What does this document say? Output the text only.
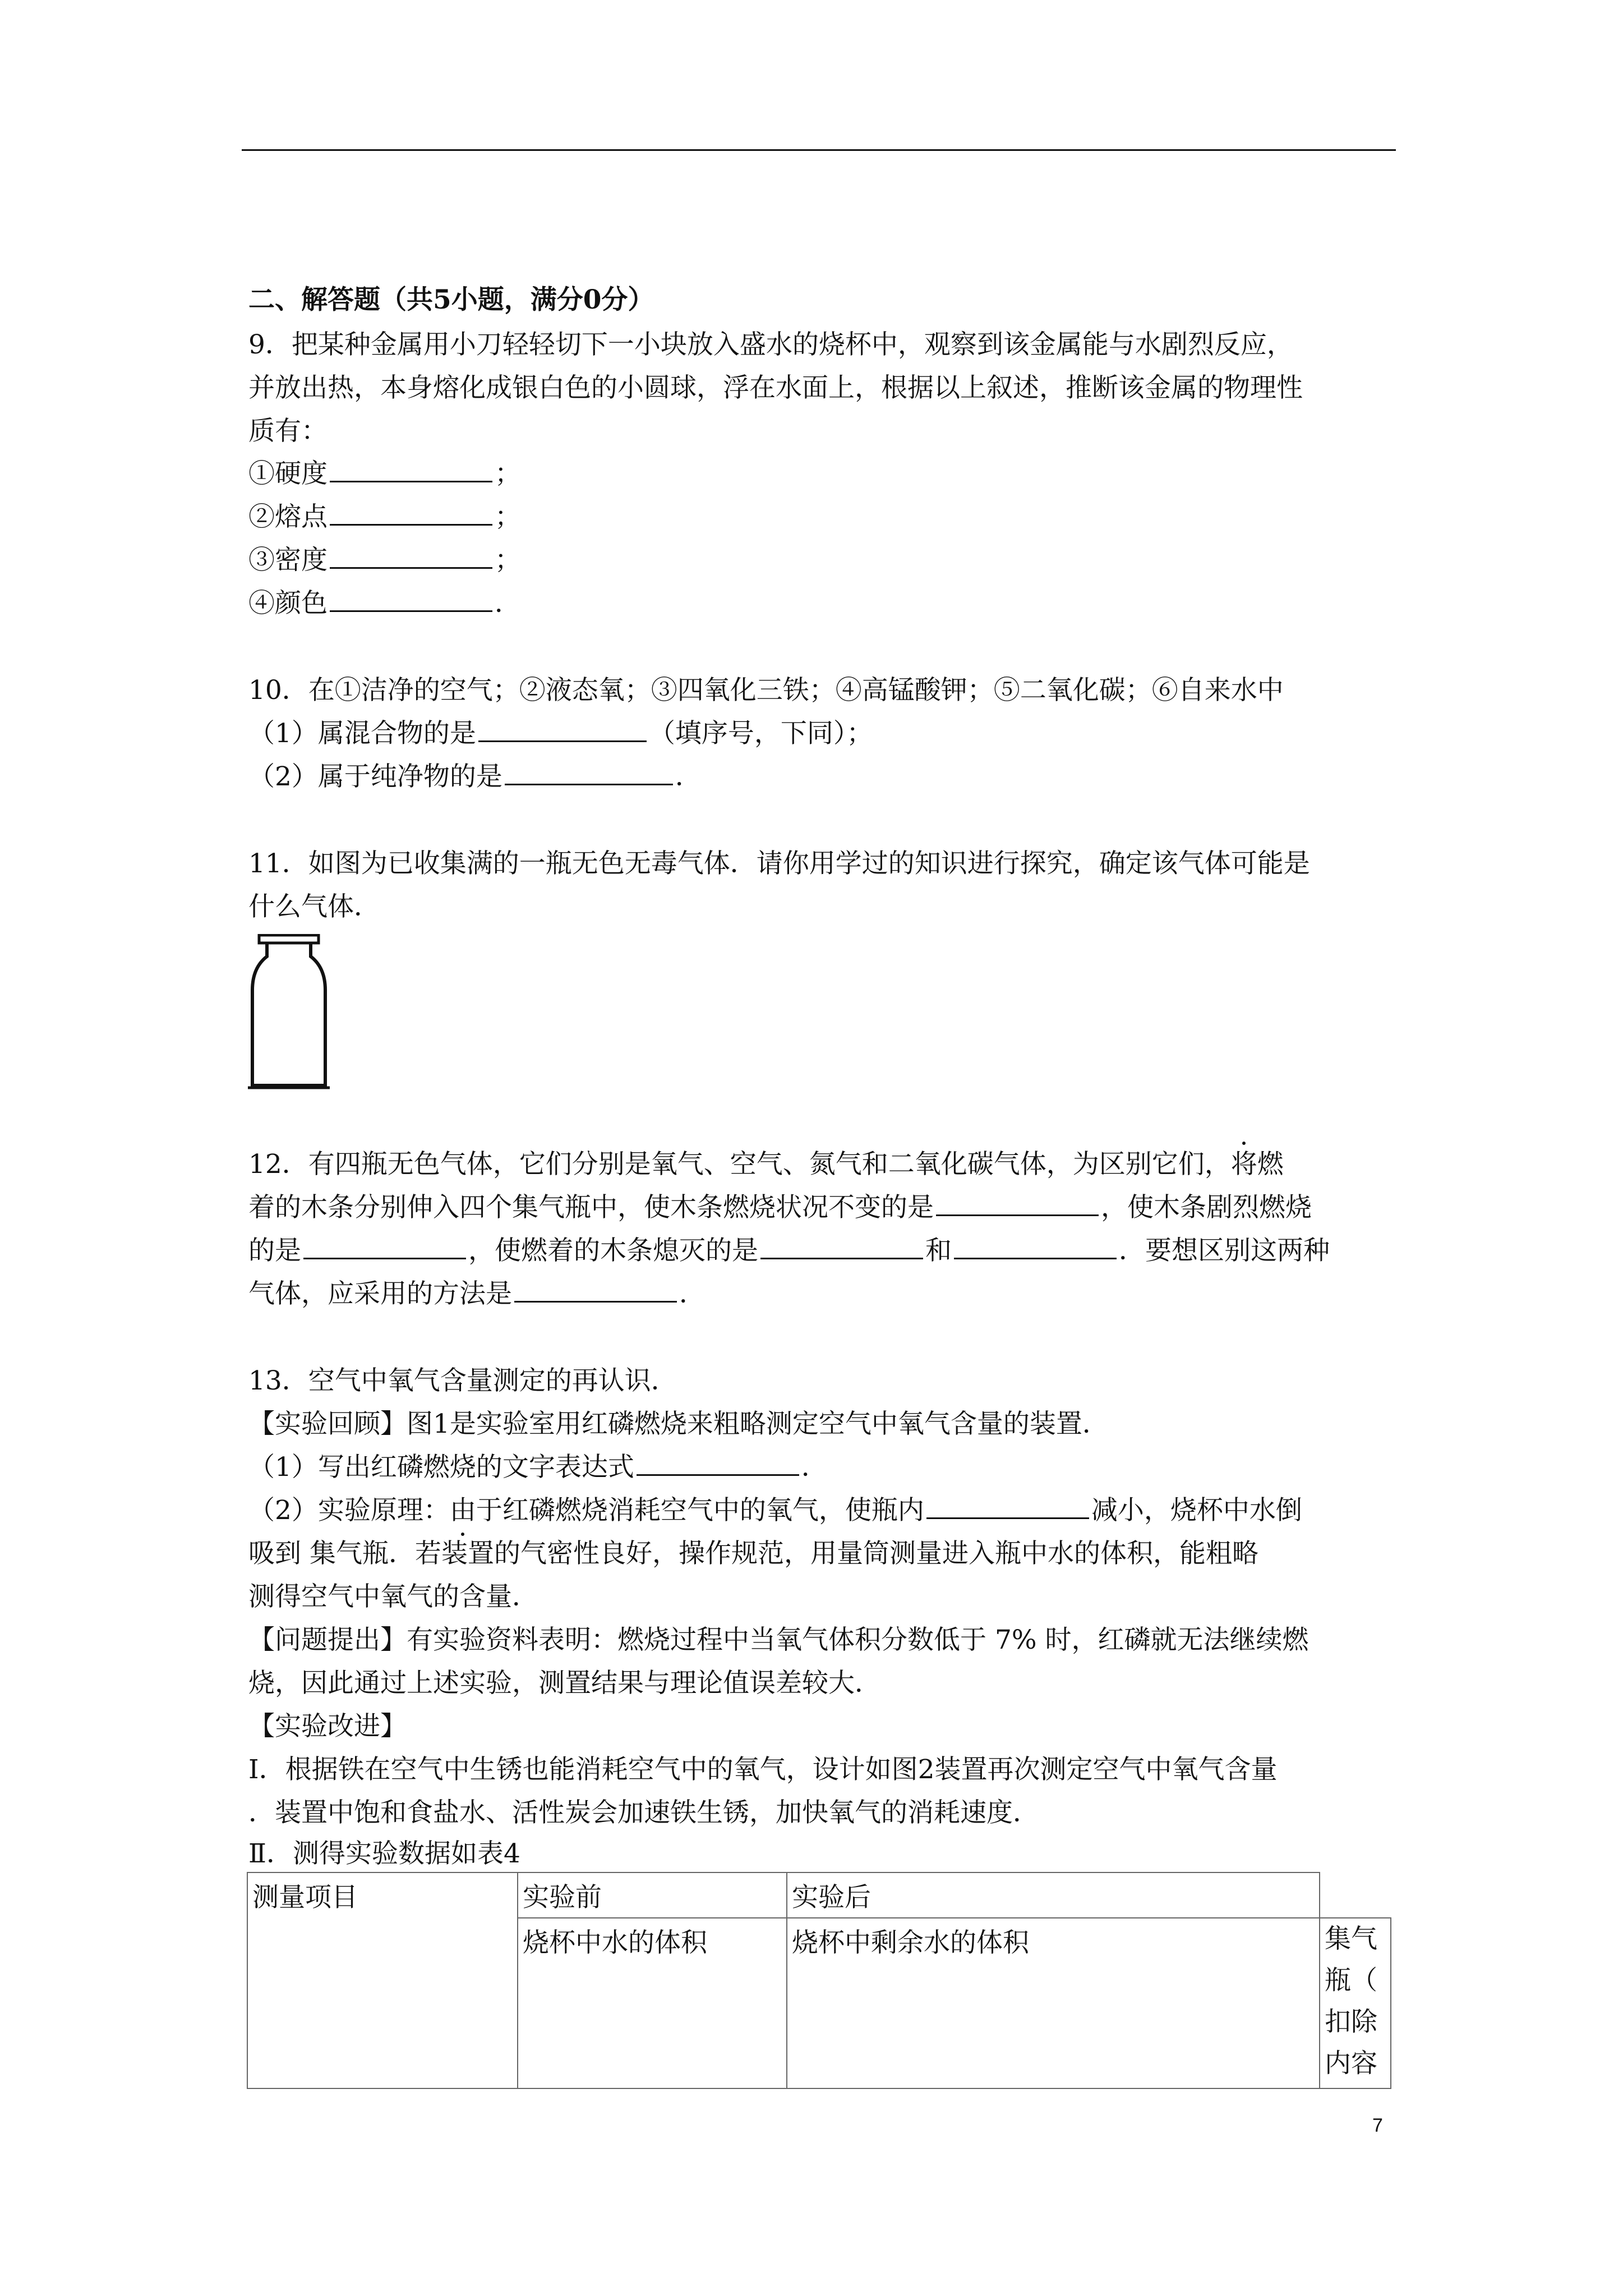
二、解答题（共5小题，满分0分）
9．把某种金属用小刀轻轻切下一小块放入盛水的烧杯中，观察到该金属能与水剧烈反应，
并放出热，本身熔化成银白色的小圆球，浮在水面上，根据以上叙述，推断该金属的物理性
质有：
①硬度	；
②熔点	；
③密度	；
④颜色	．
10．在①洁净的空气；②液态氧；③四氧化三铁；④高锰酸钾；⑤二氧化碳；⑥自来水中
（1）属混合物的是	（填序号，下同）；
（2）属于纯净物的是	．
11．如图为已收集满的一瓶无色无毒气体．请你用学过的知识进行探究，确定该气体可能是
什么气体．
12．有四瓶无色气体，它们分别是氧气、空气、氮气和二氧化碳气体，为区别它们，将燃
着的木条分别伸入四个集气瓶中，使木条燃烧状况不变的是	，使木条剧烈燃烧
的是	，使燃着的木条熄灭的是	和	．要想区别这两种
气体，应采用的方法是	．
13．空气中氧气含量测定的再认识．
【实验回顾】图1是实验室用红磷燃烧来粗略测定空气中氧气含量的装置．
（1）写出红磷燃烧的文字表达式	．
（2）实验原理：由于红磷燃烧消耗空气中的氧气，使瓶内	减小，烧杯中水倒
吸到 集气瓶．若装置的气密性良好，操作规范，用量筒测量进入瓶中水的体积，能粗略
测得空气中氧气的含量．
【问题提出】有实验资料表明：燃烧过程中当氧气体积分数低于 7% 时，红磷就无法继续燃
烧，因此通过上述实验，测置结果与理论值误差较大．
【实验改进】
Ⅰ．根据铁在空气中生锈也能消耗空气中的氧气，设计如图2装置再次测定空气中氧气含量
．装置中饱和食盐水、活性炭会加速铁生锈，加快氧气的消耗速度．
Ⅱ．测得实验数据如表4
测量项目	实验前	实验后	
	烧杯中水的体积	烧杯中剩余水的体积	集气
瓶（
扣除
内容
7
